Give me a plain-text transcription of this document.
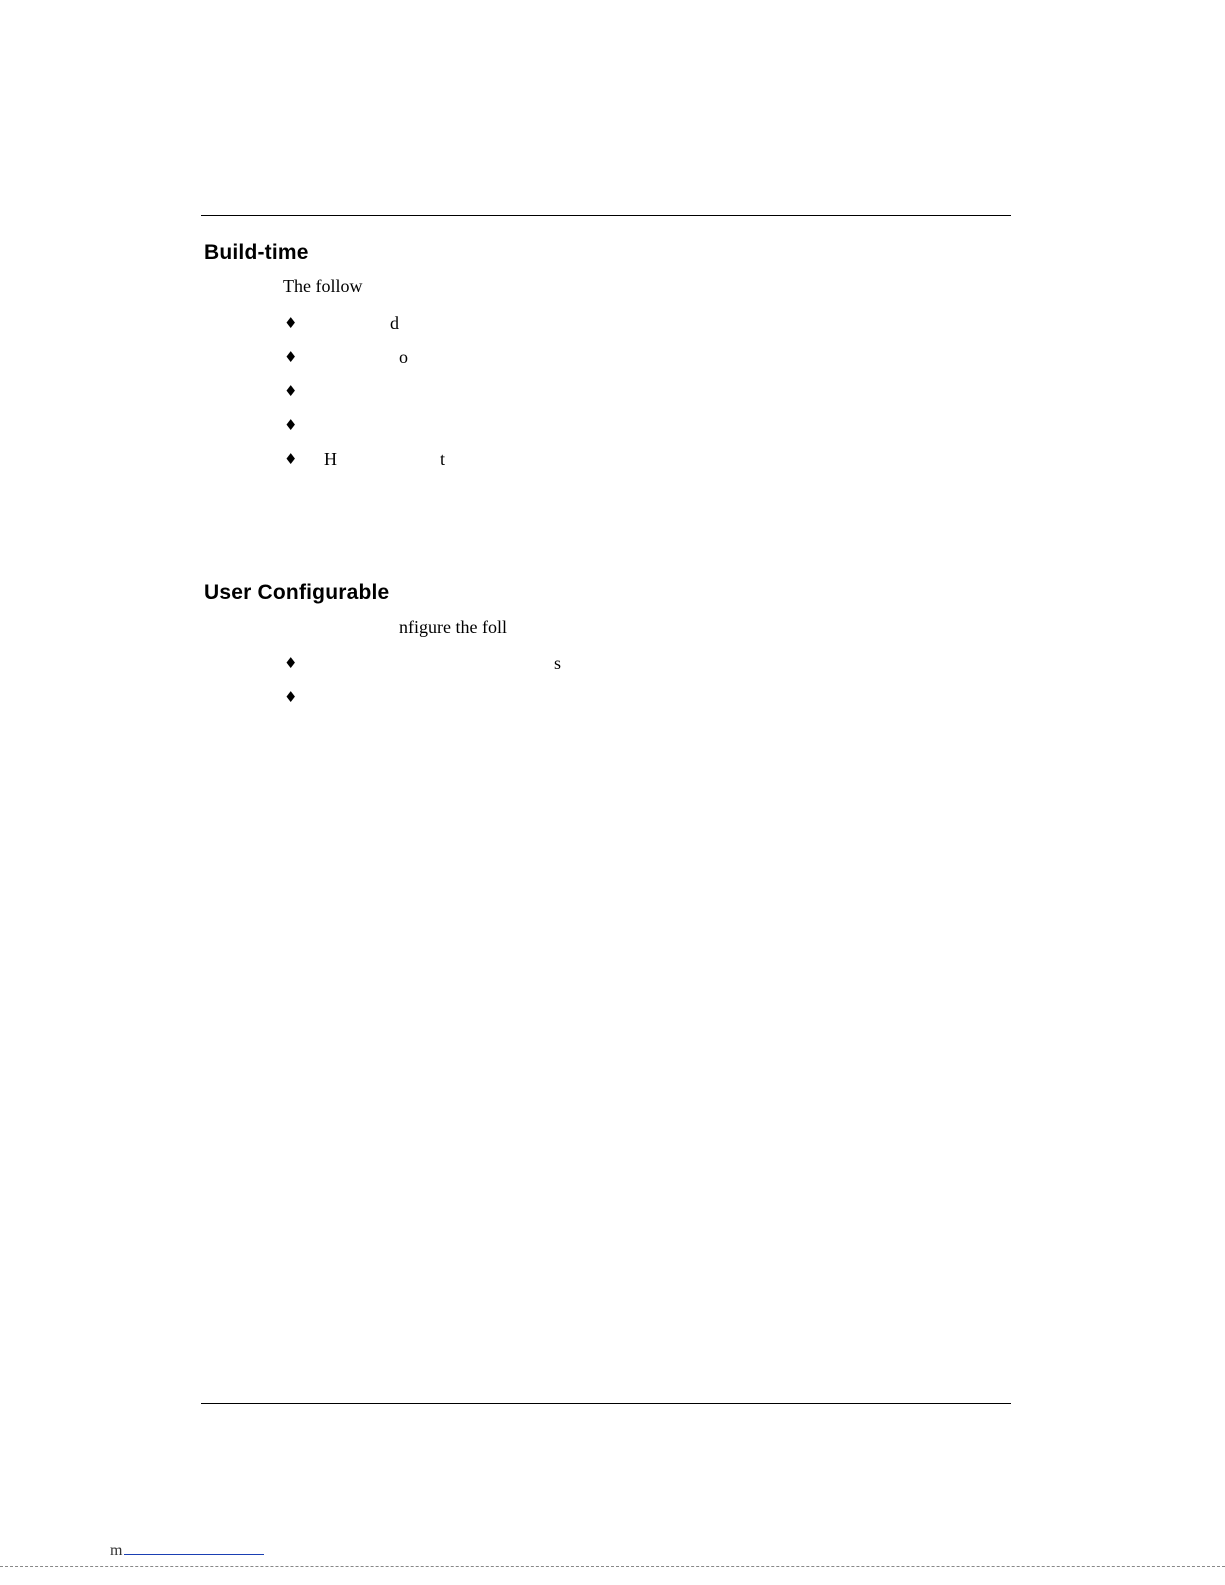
Build-time

The follow

♦

	d

♦

	o

♦

♦

♦

H

	t

User Configurable

nfigure the foll

♦

	s

♦

m
